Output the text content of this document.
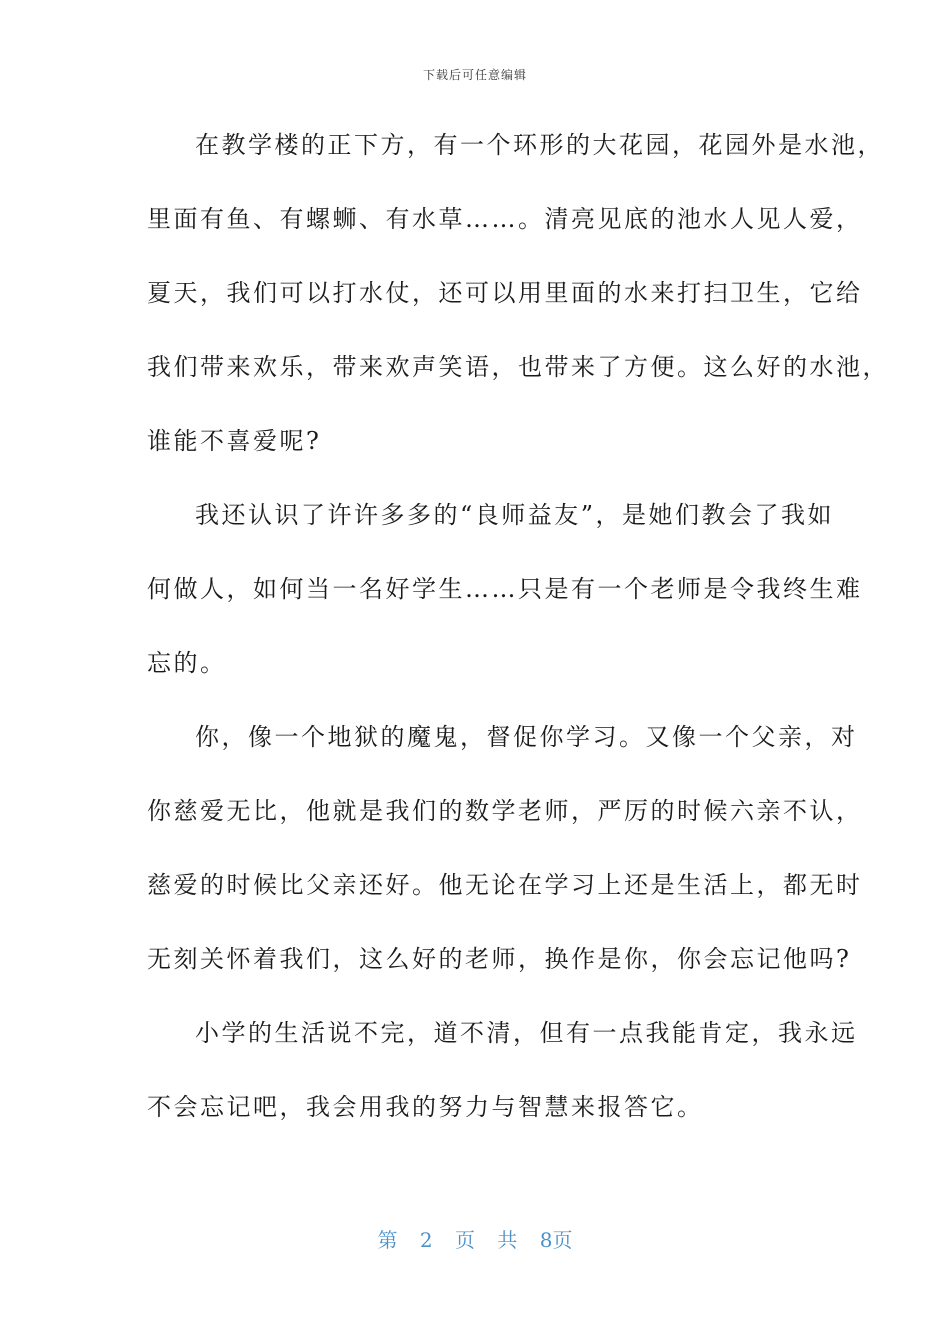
下载后可任意编辑
在教学楼的正下方，有一个环形的大花园，花园外是水池，
里面有鱼、有螺蛳、有水草……。清亮见底的池水人见人爱，
夏天，我们可以打水仗，还可以用里面的水来打扫卫生，它给
我们带来欢乐，带来欢声笑语，也带来了方便。这么好的水池，
谁能不喜爱呢?
我还认识了许许多多的“良师益友”，是她们教会了我如
何做人，如何当一名好学生……只是有一个老师是令我终生难
忘的。
你，像一个地狱的魔鬼，督促你学习。又像一个父亲，对
你慈爱无比，他就是我们的数学老师，严厉的时候六亲不认，
慈爱的时候比父亲还好。他无论在学习上还是生活上，都无时
无刻关怀着我们，这么好的老师，换作是你，你会忘记他吗?
小学的生活说不完，道不清，但有一点我能肯定，我永远
不会忘记吧，我会用我的努力与智慧来报答它。
第 2 页 共 8页
